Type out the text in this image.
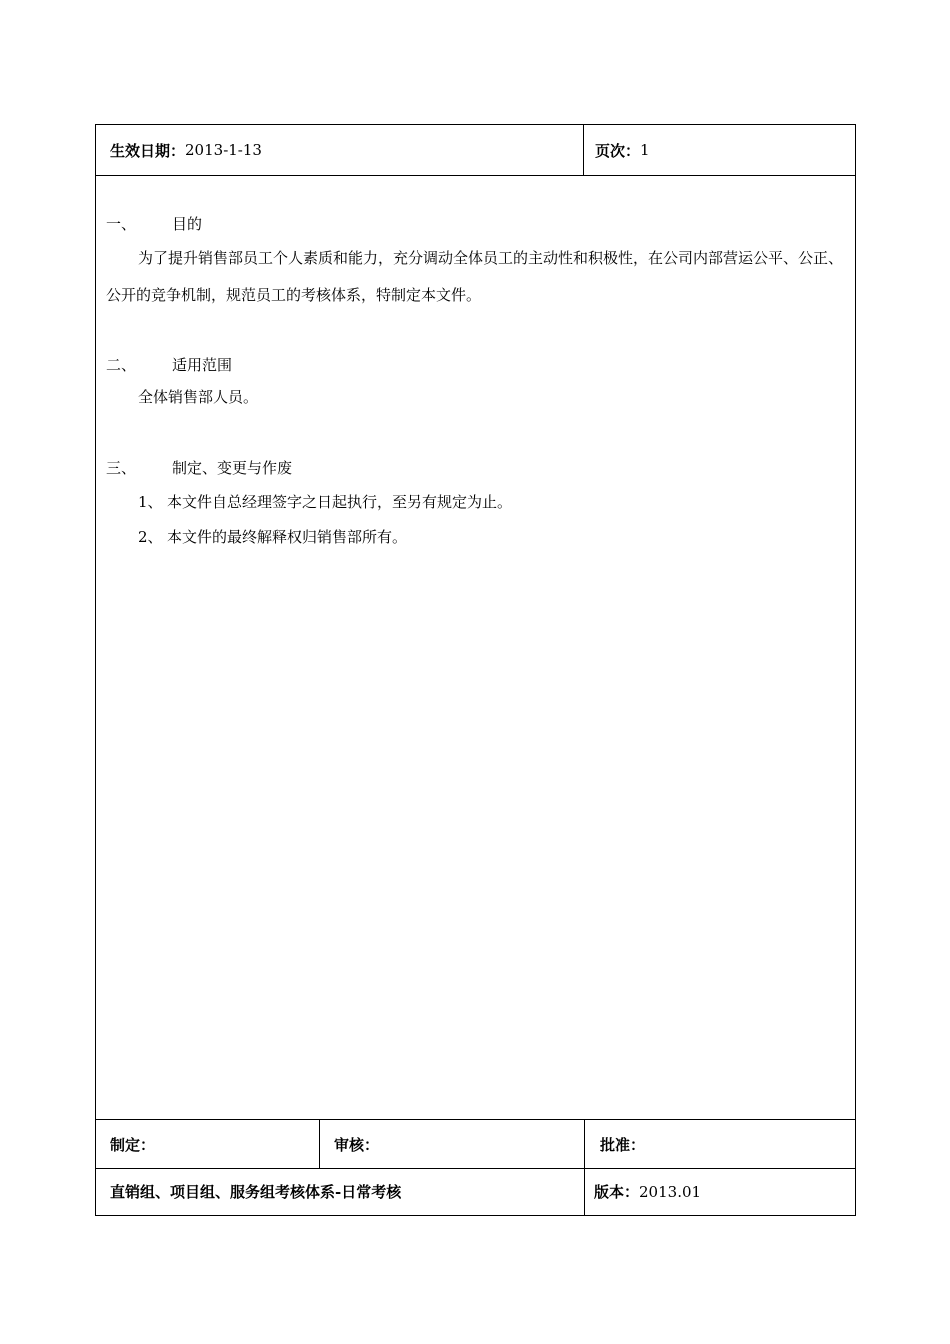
生效日期： 2013-1-13	页次： 1
一、 目的
为了提升销售部员工个人素质和能力，充分调动全体员工的主动性和积极性，在公司内部营运公平、公正、公开的竞争机制，规范员工的考核体系，特制定本文件。
二、 适用范围
全体销售部人员。
三、 制定、变更与作废
1、 本文件自总经理签字之日起执行，至另有规定为止。
2、 本文件的最终解释权归销售部所有。
制定：	审核：	批准：
直销组、项目组、服务组考核体系-日常考核	版本： 2013.01
